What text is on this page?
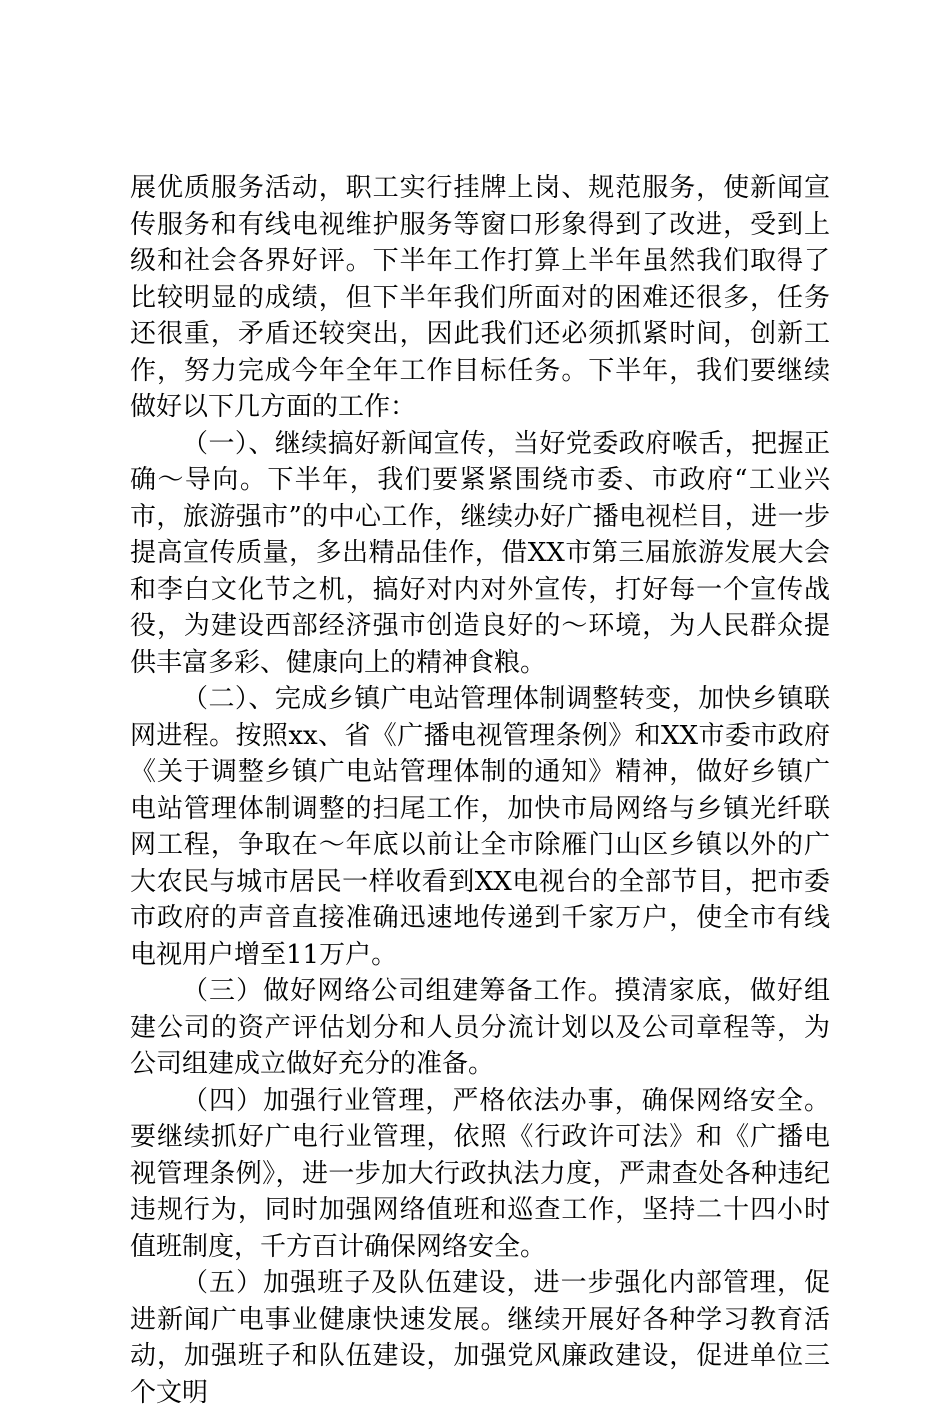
展优质服务活动，职工实行挂牌上岗、规范服务，使新闻宣传服务和有线电视维护服务等窗口形象得到了改进，受到上级和社会各界好评。下半年工作打算上半年虽然我们取得了比较明显的成绩，但下半年我们所面对的困难还很多，任务还很重，矛盾还较突出，因此我们还必须抓紧时间，创新工作，努力完成今年全年工作目标任务。下半年，我们要继续做好以下几方面的工作：

（一）、继续搞好新闻宣传，当好党委政府喉舌，把握正确～导向。下半年，我们要紧紧围绕市委、市政府“工业兴市，旅游强市”的中心工作，继续办好广播电视栏目，进一步提高宣传质量，多出精品佳作，借XX市第三届旅游发展大会和李白文化节之机，搞好对内对外宣传，打好每一个宣传战役，为建设西部经济强市创造良好的～环境，为人民群众提供丰富多彩、健康向上的精神食粮。

（二）、完成乡镇广电站管理体制调整转变，加快乡镇联网进程。按照xx、省《广播电视管理条例》和XX市委市政府《关于调整乡镇广电站管理体制的通知》精神，做好乡镇广电站管理体制调整的扫尾工作，加快市局网络与乡镇光纤联网工程，争取在～年底以前让全市除雁门山区乡镇以外的广大农民与城市居民一样收看到XX电视台的全部节目，把市委市政府的声音直接准确迅速地传递到千家万户，使全市有线电视用户增至11万户。

（三）做好网络公司组建筹备工作。摸清家底，做好组建公司的资产评估划分和人员分流计划以及公司章程等，为公司组建成立做好充分的准备。

（四）加强行业管理，严格依法办事，确保网络安全。要继续抓好广电行业管理，依照《行政许可法》和《广播电视管理条例》，进一步加大行政执法力度，严肃查处各种违纪违规行为，同时加强网络值班和巡查工作，坚持二十四小时值班制度，千方百计确保网络安全。

（五）加强班子及队伍建设，进一步强化内部管理，促进新闻广电事业健康快速发展。继续开展好各种学习教育活动，加强班子和队伍建设，加强党风廉政建设，促进单位三个文明
